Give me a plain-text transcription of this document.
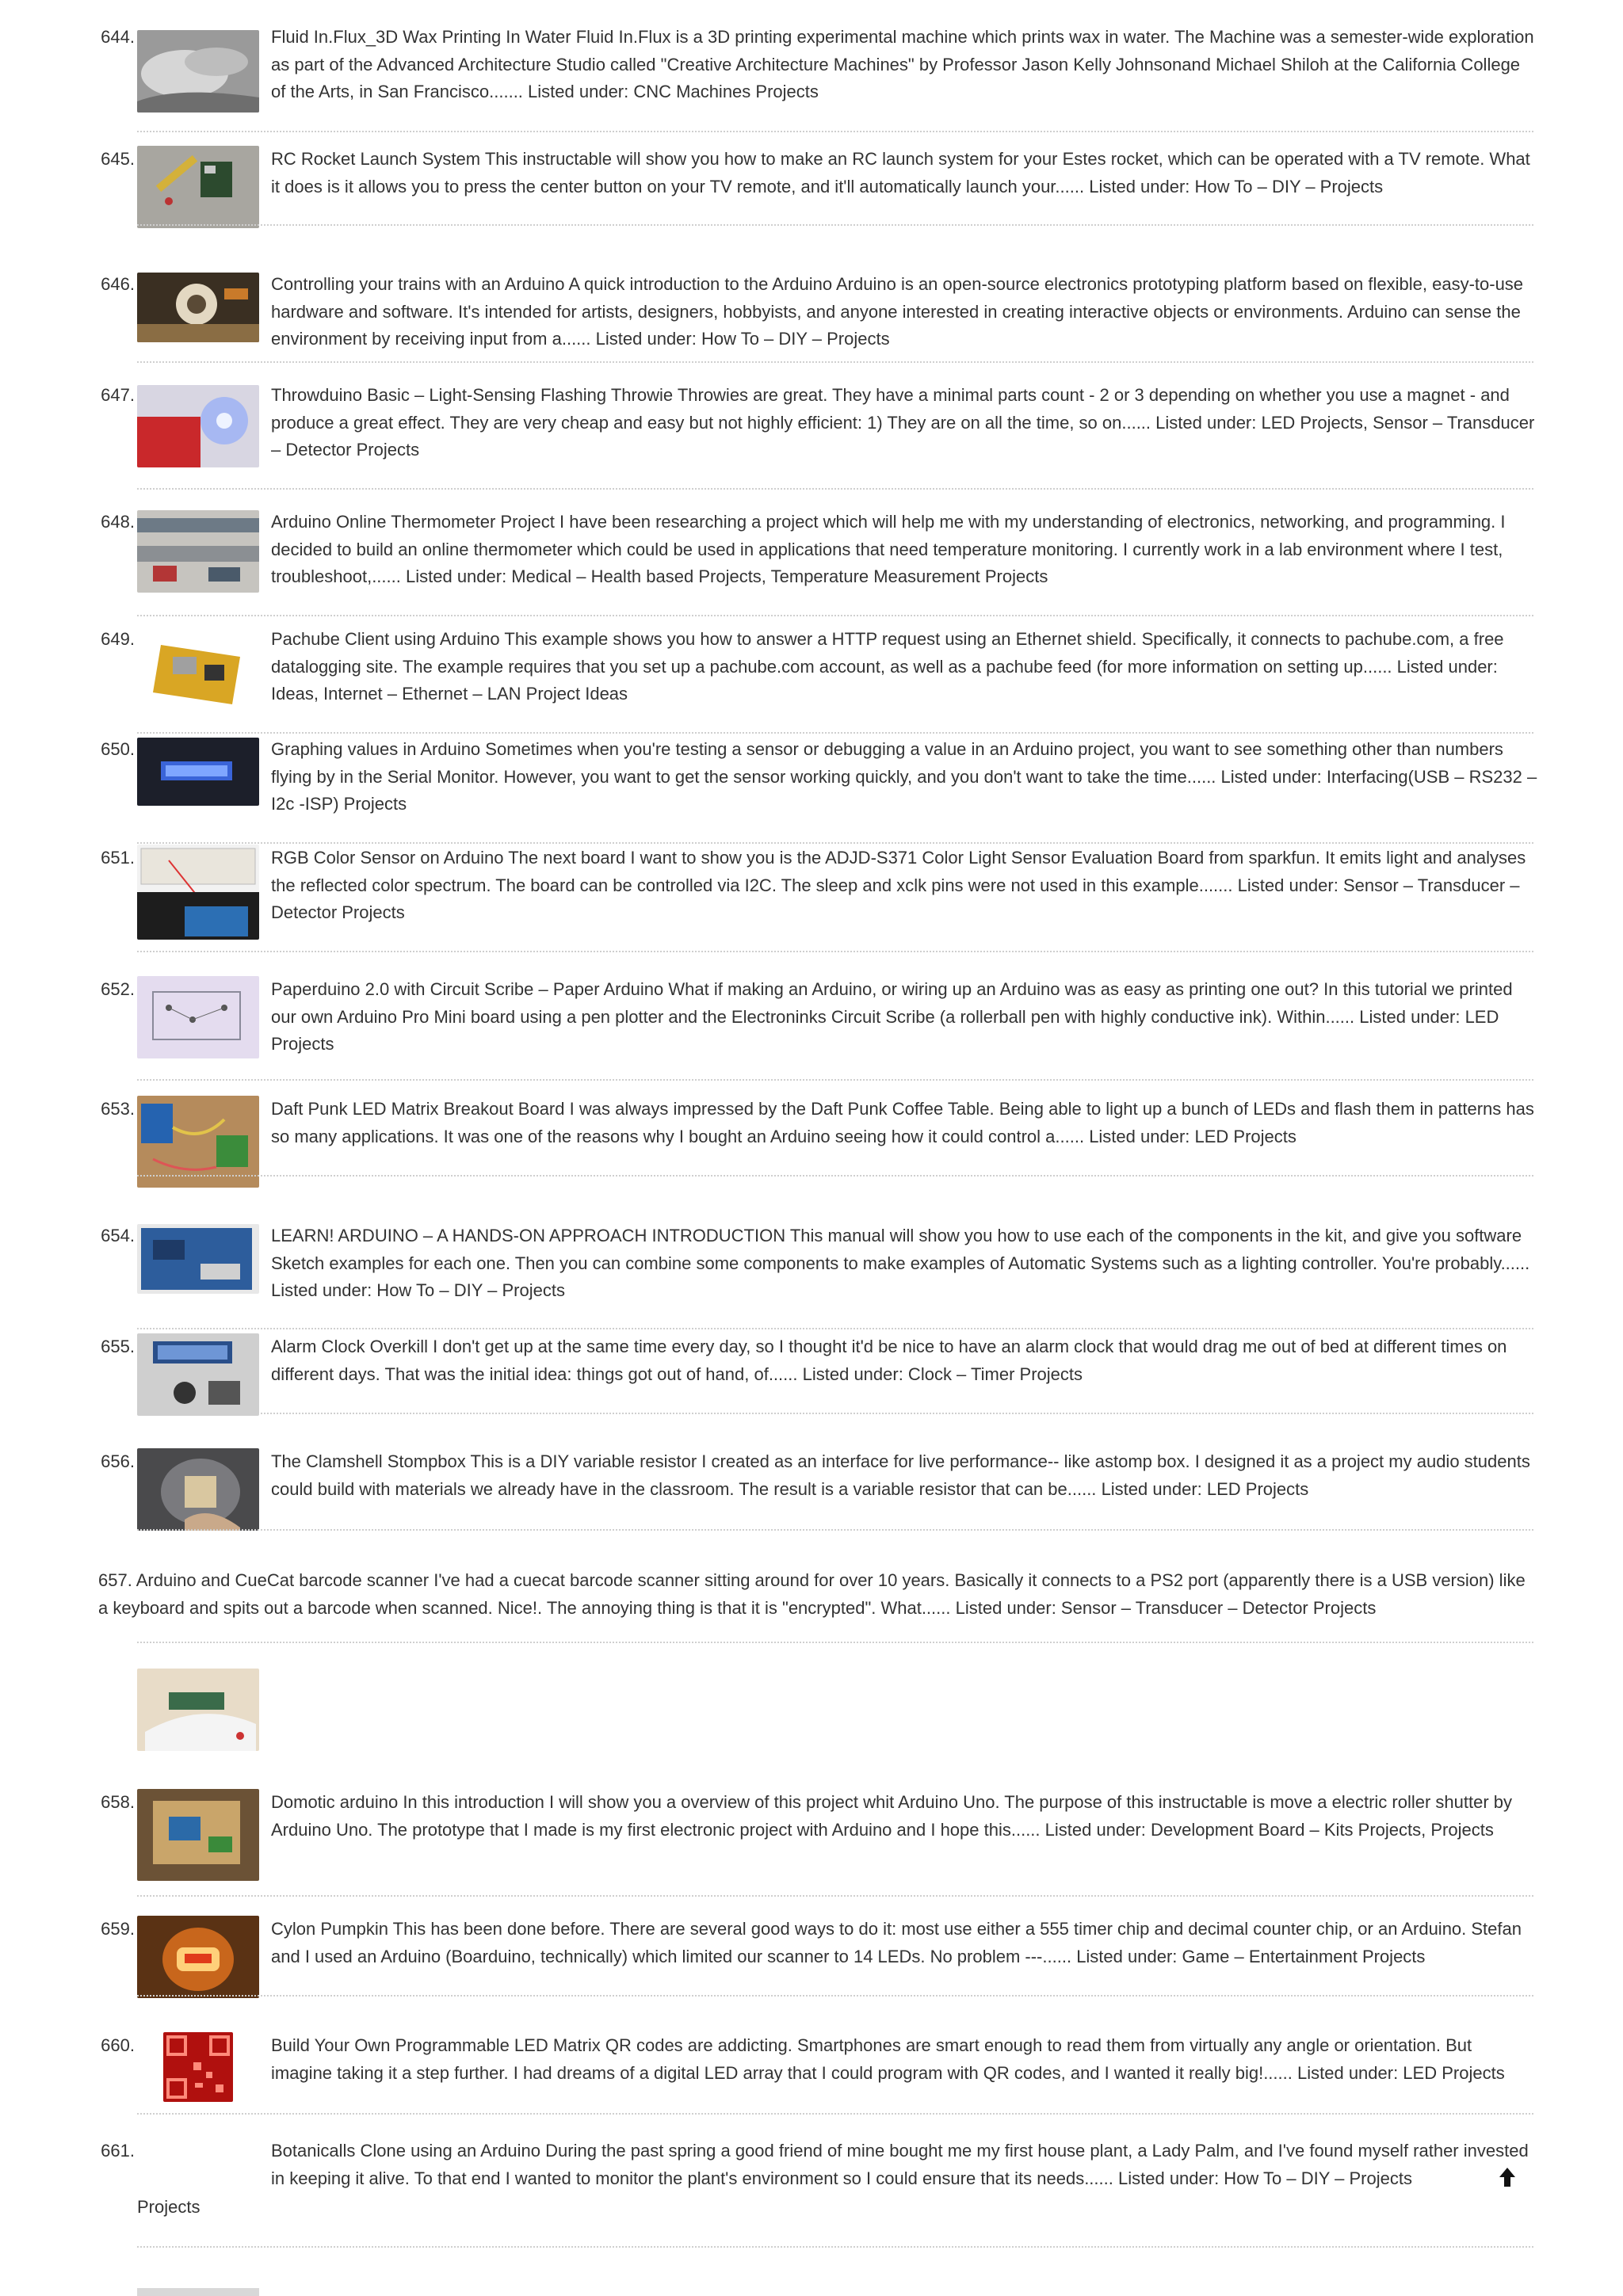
644.	Fluid In.Flux_3D Wax Printing In Water Fluid In.Flux is a 3D printing experimental machine which prints wax in water. The Machine was a semester-wide exploration as part of the Advanced Architecture Studio called "Creative Architecture Machines" by Professor Jason Kelly Johnsonand Michael Shiloh at the California College of the Arts, in San Francisco....... Listed under: CNC Machines Projects

645.	RC Rocket Launch System This instructable will show you how to make an RC launch system for your Estes rocket, which can be operated with a TV remote. What it does is it allows you to press the center button on your TV remote, and it'll automatically launch your...... Listed under: How To – DIY – Projects

646.	Controlling your trains with an Arduino A quick introduction to the Arduino Arduino is an open-source electronics prototyping platform based on flexible, easy-to-use hardware and software. It's intended for artists, designers, hobbyists, and anyone interested in creating interactive objects or environments. Arduino can sense the environment by receiving input from a...... Listed under: How To – DIY – Projects

647.	Throwduino Basic – Light-Sensing Flashing Throwie Throwies are great. They have a minimal parts count - 2 or 3 depending on whether you use a magnet - and produce a great effect. They are very cheap and easy but not highly efficient: 1) They are on all the time, so on...... Listed under: LED Projects, Sensor – Transducer – Detector Projects

648.	Arduino Online Thermometer Project I have been researching a project which will help me with my understanding of electronics, networking, and programming. I decided to build an online thermometer which could be used in applications that need temperature monitoring. I currently work in a lab environment where I test, troubleshoot,...... Listed under: Medical – Health based Projects, Temperature Measurement Projects

649.	Pachube Client using Arduino This example shows you how to answer a HTTP request using an Ethernet shield. Specifically, it connects to pachube.com, a free datalogging site. The example requires that you set up a pachube.com account, as well as a pachube feed (for more information on setting up...... Listed under: Ideas, Internet – Ethernet – LAN Project Ideas

650.	Graphing values in Arduino Sometimes when you're testing a sensor or debugging a value in an Arduino project, you want to see something other than numbers flying by in the Serial Monitor. However, you want to get the sensor working quickly, and you don't want to take the time...... Listed under: Interfacing(USB – RS232 – I2c -ISP) Projects

651.	RGB Color Sensor on Arduino The next board I want to show you is the ADJD-S371 Color Light Sensor Evaluation Board from sparkfun. It emits light and analyses the reflected color spectrum. The board can be controlled via I2C. The sleep and xclk pins were not used in this example....... Listed under: Sensor – Transducer – Detector Projects

652.	Paperduino 2.0 with Circuit Scribe – Paper Arduino What if making an Arduino, or wiring up an Arduino was as easy as printing one out? In this tutorial we printed our own Arduino Pro Mini board using a pen plotter and the Electroninks Circuit Scribe (a rollerball pen with highly conductive ink). Within...... Listed under: LED Projects

653.	Daft Punk LED Matrix Breakout Board I was always impressed by the Daft Punk Coffee Table. Being able to light up a bunch of LEDs and flash them in patterns has so many applications. It was one of the reasons why I bought an Arduino seeing how it could control a...... Listed under: LED Projects

654.	LEARN! ARDUINO – A HANDS-ON APPROACH INTRODUCTION This manual will show you how to use each of the components in the kit, and give you software Sketch examples for each one. Then you can combine some components to make examples of Automatic Systems such as a lighting controller. You're probably...... Listed under: How To – DIY – Projects

655.	Alarm Clock Overkill I don't get up at the same time every day, so I thought it'd be nice to have an alarm clock that would drag me out of bed at different times on different days. That was the initial idea: things got out of hand, of...... Listed under: Clock – Timer Projects

656.	The Clamshell Stompbox This is a DIY variable resistor I created as an interface for live performance-- like astomp box. I designed it as a project my audio students could build with materials we already have in the classroom. The result is a variable resistor that can be...... Listed under: LED Projects

657. Arduino and CueCat barcode scanner I've had a cuecat barcode scanner sitting around for over 10 years. Basically it connects to a PS2 port (apparently there is a USB version) like a keyboard and spits out a barcode when scanned. Nice!. The annoying thing is that it is "encrypted". What...... Listed under: Sensor – Transducer – Detector Projects

658.	Domotic arduino In this introduction I will show you a overview of this project whit Arduino Uno. The purpose of this instructable is move a electric roller shutter by Arduino Uno. The prototype that I made is my first electronic project with Arduino and I hope this...... Listed under: Development Board – Kits Projects, Projects

659.	Cylon Pumpkin This has been done before. There are several good ways to do it: most use either a 555 timer chip and decimal counter chip, or an Arduino. Stefan and I used an Arduino (Boarduino, technically) which limited our scanner to 14 LEDs. No problem ---...... Listed under: Game – Entertainment Projects

660.	Build Your Own Programmable LED Matrix QR codes are addicting. Smartphones are smart enough to read them from virtually any angle or orientation. But imagine taking it a step further. I had dreams of a digital LED array that I could program with QR codes, and I wanted it really big!...... Listed under: LED Projects

661.	Botanicalls Clone using an Arduino During the past spring a good friend of mine bought me my first house plant, a Lady Palm, and I've found myself rather invested in keeping it alive. To that end I wanted to monitor the plant's environment so I could ensure that its needs...... Listed under: How To – DIY – Projects

Projects
